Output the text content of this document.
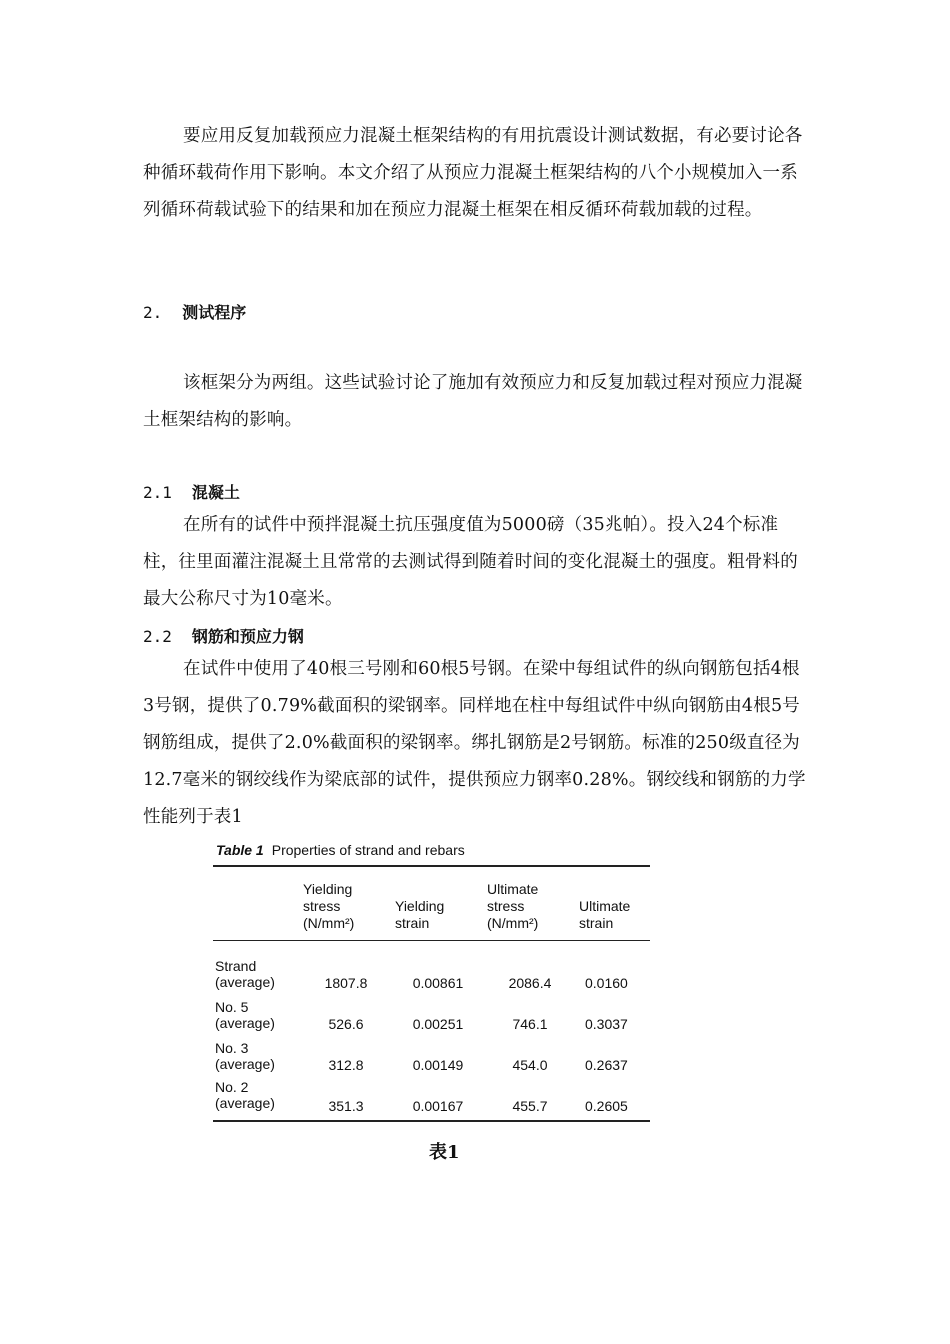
要应用反复加载预应力混凝土框架结构的有用抗震设计测试数据，有必要讨论各种循环载荷作用下影响。本文介绍了从预应力混凝土框架结构的八个小规模加入一系列循环荷载试验下的结果和加在预应力混凝土框架在相反循环荷载加载的过程。

2. 测试程序

该框架分为两组。这些试验讨论了施加有效预应力和反复加载过程对预应力混凝土框架结构的影响。

2.1 混凝土

在所有的试件中预拌混凝土抗压强度值为5000磅（35兆帕）。投入24个标准柱，往里面灌注混凝土且常常的去测试得到随着时间的变化混凝土的强度。粗骨料的最大公称尺寸为10毫米。

2.2 钢筋和预应力钢

在试件中使用了40根三号刚和60根5号钢。在梁中每组试件的纵向钢筋包括4根3号钢，提供了0.79%截面积的梁钢率。同样地在柱中每组试件中纵向钢筋由4根5号钢筋组成，提供了2.0%截面积的梁钢率。绑扎钢筋是2号钢筋。标准的250级直径为12.7毫米的钢绞线作为梁底部的试件，提供预应力钢率0.28%。钢绞线和钢筋的力学性能列于表1

Table 1 Properties of strand and rebars

	Yielding
stress
(N/mm²)	Yielding
strain	Ultimate
stress
(N/mm²)	Ultimate
strain

Strand
(average)	1807.8	0.00861	2086.4	0.0160

No. 5
(average)	526.6	0.00251	746.1	0.3037

No. 3
(average)	312.8	0.00149	454.0	0.2637

No. 2
(average)	351.3	0.00167	455.7	0.2605
表1
